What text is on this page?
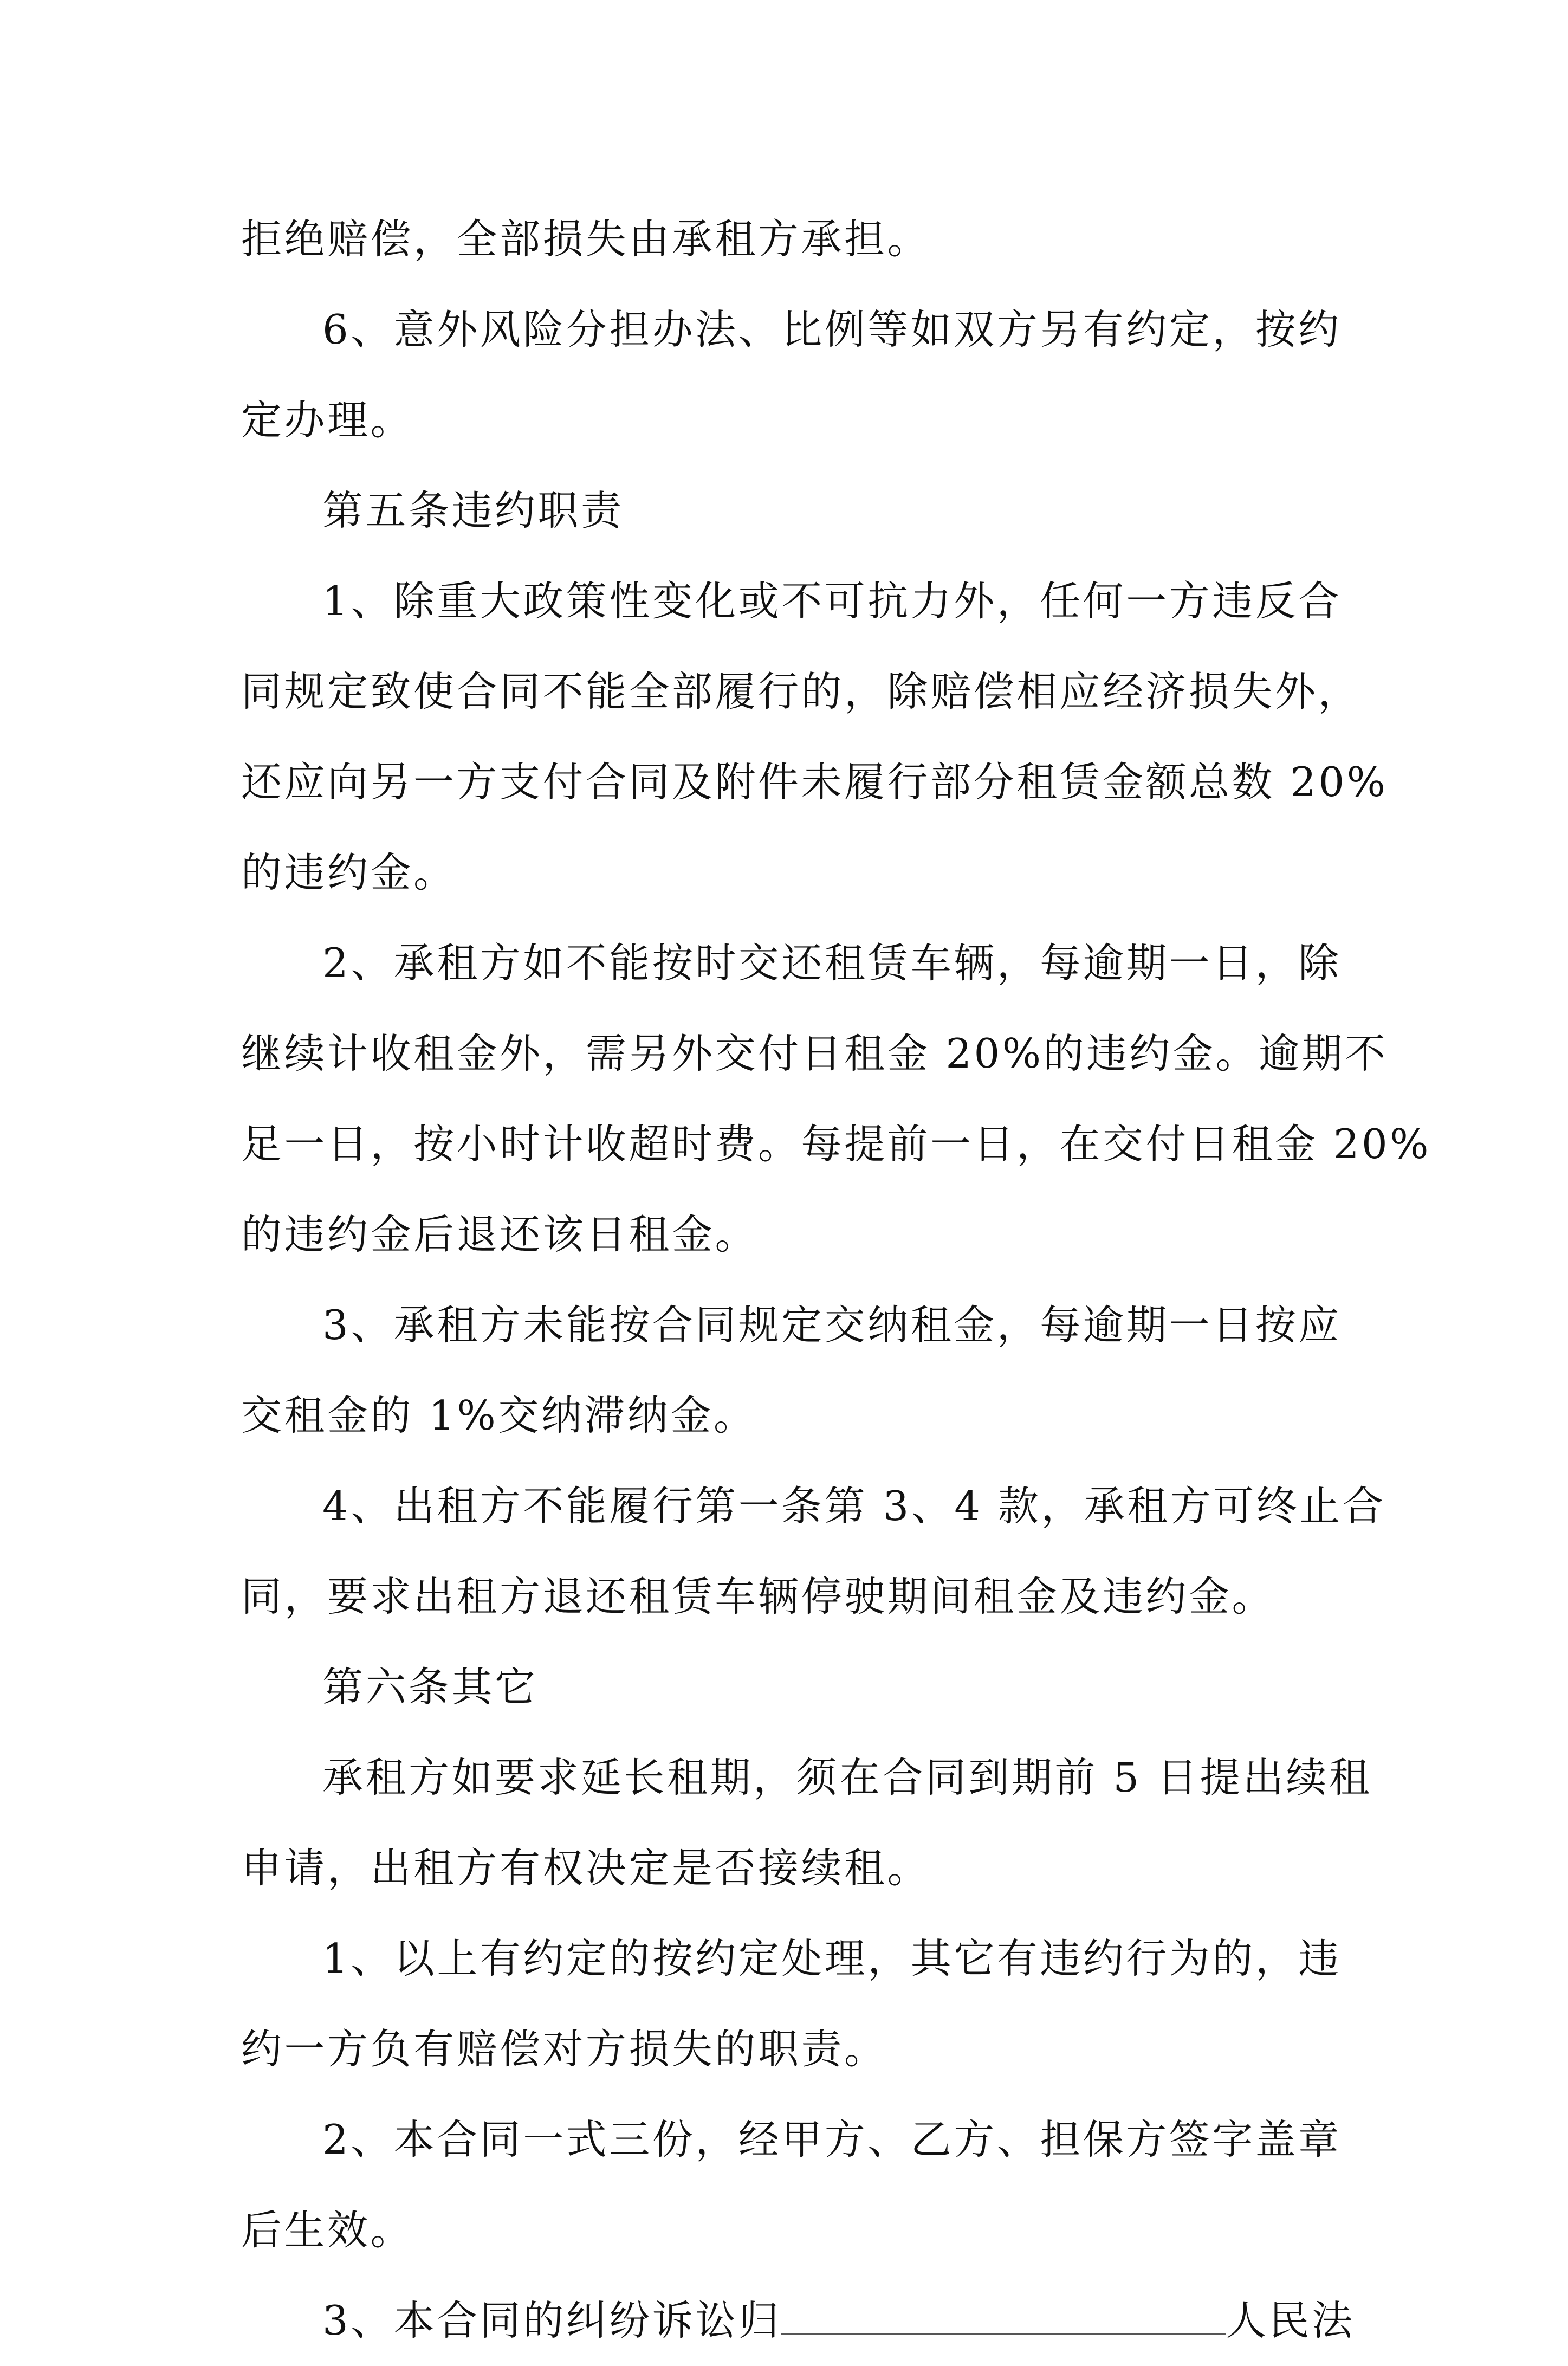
拒绝赔偿，全部损失由承租方承担。
6、意外风险分担办法、比例等如双方另有约定，按约
定办理。
第五条违约职责
1、除重大政策性变化或不可抗力外，任何一方违反合
同规定致使合同不能全部履行的，除赔偿相应经济损失外，
还应向另一方支付合同及附件未履行部分租赁金额总数 20%
的违约金。
2、承租方如不能按时交还租赁车辆，每逾期一日，除
继续计收租金外，需另外交付日租金 20%的违约金。逾期不
足一日，按小时计收超时费。每提前一日，在交付日租金 20%
的违约金后退还该日租金。
3、承租方未能按合同规定交纳租金，每逾期一日按应
交租金的 1%交纳滞纳金。
4、出租方不能履行第一条第 3、4 款，承租方可终止合
同，要求出租方退还租赁车辆停驶期间租金及违约金。
第六条其它
承租方如要求延长租期，须在合同到期前 5 日提出续租
申请，出租方有权决定是否接续租。
1、以上有约定的按约定处理，其它有违约行为的，违
约一方负有赔偿对方损失的职责。
2、本合同一式三份，经甲方、乙方、担保方签字盖章
后生效。
3、本合同的纠纷诉讼归	人民法
